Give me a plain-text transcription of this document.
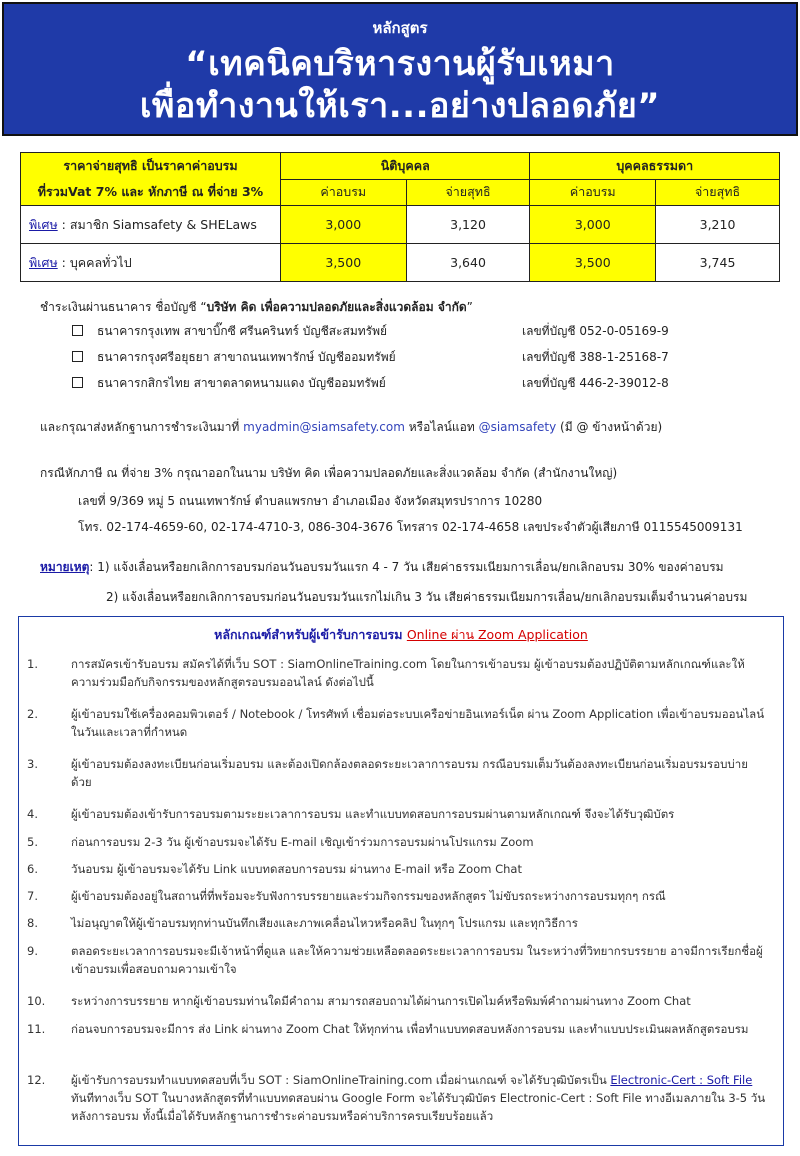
หลักสูตร
“เทคนิคบริหารงานผู้รับเหมา
เพื่อทำงานให้เรา...อย่างปลอดภัย”
ราคาจ่ายสุทธิ เป็นราคาค่าอบรม
ที่รวมVat 7% และ หักภาษี ณ ที่จ่าย 3%	นิติบุคคล		บุคคลธรรมดา	
	ค่าอบรม	จ่ายสุทธิ	ค่าอบรม	จ่ายสุทธิ
พิเศษ : สมาชิก Siamsafety & SHELaws	3,000	3,120	3,000	3,210
พิเศษ : บุคคลทั่วไป	3,500	3,640	3,500	3,745
ชำระเงินผ่านธนาคาร ชื่อบัญชี “บริษัท คิด เพื่อความปลอดภัยและสิ่งแวดล้อม จำกัด”
ธนาคารกรุงเทพ สาขาบิ๊กซี ศรีนครินทร์ บัญชีสะสมทรัพย์	เลขที่บัญชี 052-0-05169-9
ธนาคารกรุงศรีอยุธยา สาขาถนนเทพารักษ์ บัญชีออมทรัพย์	เลขที่บัญชี 388-1-25168-7
ธนาคารกสิกรไทย สาขาตลาดหนามแดง บัญชีออมทรัพย์	เลขที่บัญชี 446-2-39012-8
และกรุณาส่งหลักฐานการชำระเงินมาที่ myadmin@siamsafety.com หรือไลน์แอท @siamsafety (มี @ ข้างหน้าด้วย)
กรณีหักภาษี ณ ที่จ่าย 3% กรุณาออกในนาม บริษัท คิด เพื่อความปลอดภัยและสิ่งแวดล้อม จำกัด (สำนักงานใหญ่)
เลขที่ 9/369 หมู่ 5 ถนนเทพารักษ์ ตำบลแพรกษา อำเภอเมือง จังหวัดสมุทรปราการ 10280
โทร. 02-174-4659-60, 02-174-4710-3, 086-304-3676 โทรสาร 02-174-4658 เลขประจำตัวผู้เสียภาษี 0115545009131
หมายเหตุ: 1) แจ้งเลื่อนหรือยกเลิกการอบรมก่อนวันอบรมวันแรก 4 - 7 วัน เสียค่าธรรมเนียมการเลื่อน/ยกเลิกอบรม 30% ของค่าอบรม
2) แจ้งเลื่อนหรือยกเลิกการอบรมก่อนวันอบรมวันแรกไม่เกิน 3 วัน เสียค่าธรรมเนียมการเลื่อน/ยกเลิกอบรมเต็มจำนวนค่าอบรม
หลักเกณฑ์สำหรับผู้เข้ารับการอบรม Online ผ่าน Zoom Application
1.	การสมัครเข้ารับอบรม สมัครได้ที่เว็บ SOT : SiamOnlineTraining.com โดยในการเข้าอบรม ผู้เข้าอบรมต้องปฏิบัติตามหลักเกณฑ์และให้ความร่วมมือกับกิจกรรมของหลักสูตรอบรมออนไลน์ ดังต่อไปนี้
2.	ผู้เข้าอบรมใช้เครื่องคอมพิวเตอร์ / Notebook / โทรศัพท์ เชื่อมต่อระบบเครือข่ายอินเทอร์เน็ต ผ่าน Zoom Application เพื่อเข้าอบรมออนไลน์ในวันและเวลาที่กำหนด
3.	ผู้เข้าอบรมต้องลงทะเบียนก่อนเริ่มอบรม และต้องเปิดกล้องตลอดระยะเวลาการอบรม กรณีอบรมเต็มวันต้องลงทะเบียนก่อนเริ่มอบรมรอบบ่ายด้วย
4.	ผู้เข้าอบรมต้องเข้ารับการอบรมตามระยะเวลาการอบรม และทำแบบทดสอบการอบรมผ่านตามหลักเกณฑ์ จึงจะได้รับวุฒิบัตร
5.	ก่อนการอบรม 2-3 วัน ผู้เข้าอบรมจะได้รับ E-mail เชิญเข้าร่วมการอบรมผ่านโปรแกรม Zoom
6.	วันอบรม ผู้เข้าอบรมจะได้รับ Link แบบทดสอบการอบรม ผ่านทาง E-mail หรือ Zoom Chat
7.	ผู้เข้าอบรมต้องอยู่ในสถานที่ที่พร้อมจะรับฟังการบรรยายและร่วมกิจกรรมของหลักสูตร ไม่ขับรถระหว่างการอบรมทุกๆ กรณี
8.	ไม่อนุญาตให้ผู้เข้าอบรมทุกท่านบันทึกเสียงและภาพเคลื่อนไหวหรือคลิป ในทุกๆ โปรแกรม และทุกวิธีการ
9.	ตลอดระยะเวลาการอบรมจะมีเจ้าหน้าที่ดูแล และให้ความช่วยเหลือตลอดระยะเวลาการอบรม ในระหว่างที่วิทยากรบรรยาย อาจมีการเรียกชื่อผู้เข้าอบรมเพื่อสอบถามความเข้าใจ
10.	ระหว่างการบรรยาย หากผู้เข้าอบรมท่านใดมีคำถาม สามารถสอบถามได้ผ่านการเปิดไมค์หรือพิมพ์คำถามผ่านทาง Zoom Chat
11.	ก่อนจบการอบรมจะมีการ ส่ง Link ผ่านทาง Zoom Chat ให้ทุกท่าน เพื่อทำแบบทดสอบหลังการอบรม และทำแบบประเมินผลหลักสูตรอบรม
12.	ผู้เข้ารับการอบรมทำแบบทดสอบที่เว็บ SOT : SiamOnlineTraining.com เมื่อผ่านเกณฑ์ จะได้รับวุฒิบัตรเป็น Electronic-Cert : Soft File ทันทีทางเว็บ SOT ในบางหลักสูตรที่ทำแบบทดสอบผ่าน Google Form จะได้รับวุฒิบัตร Electronic-Cert : Soft File ทางอีเมลภายใน 3-5 วันหลังการอบรม ทั้งนี้เมื่อได้รับหลักฐานการชำระค่าอบรมหรือค่าบริการครบเรียบร้อยแล้ว
